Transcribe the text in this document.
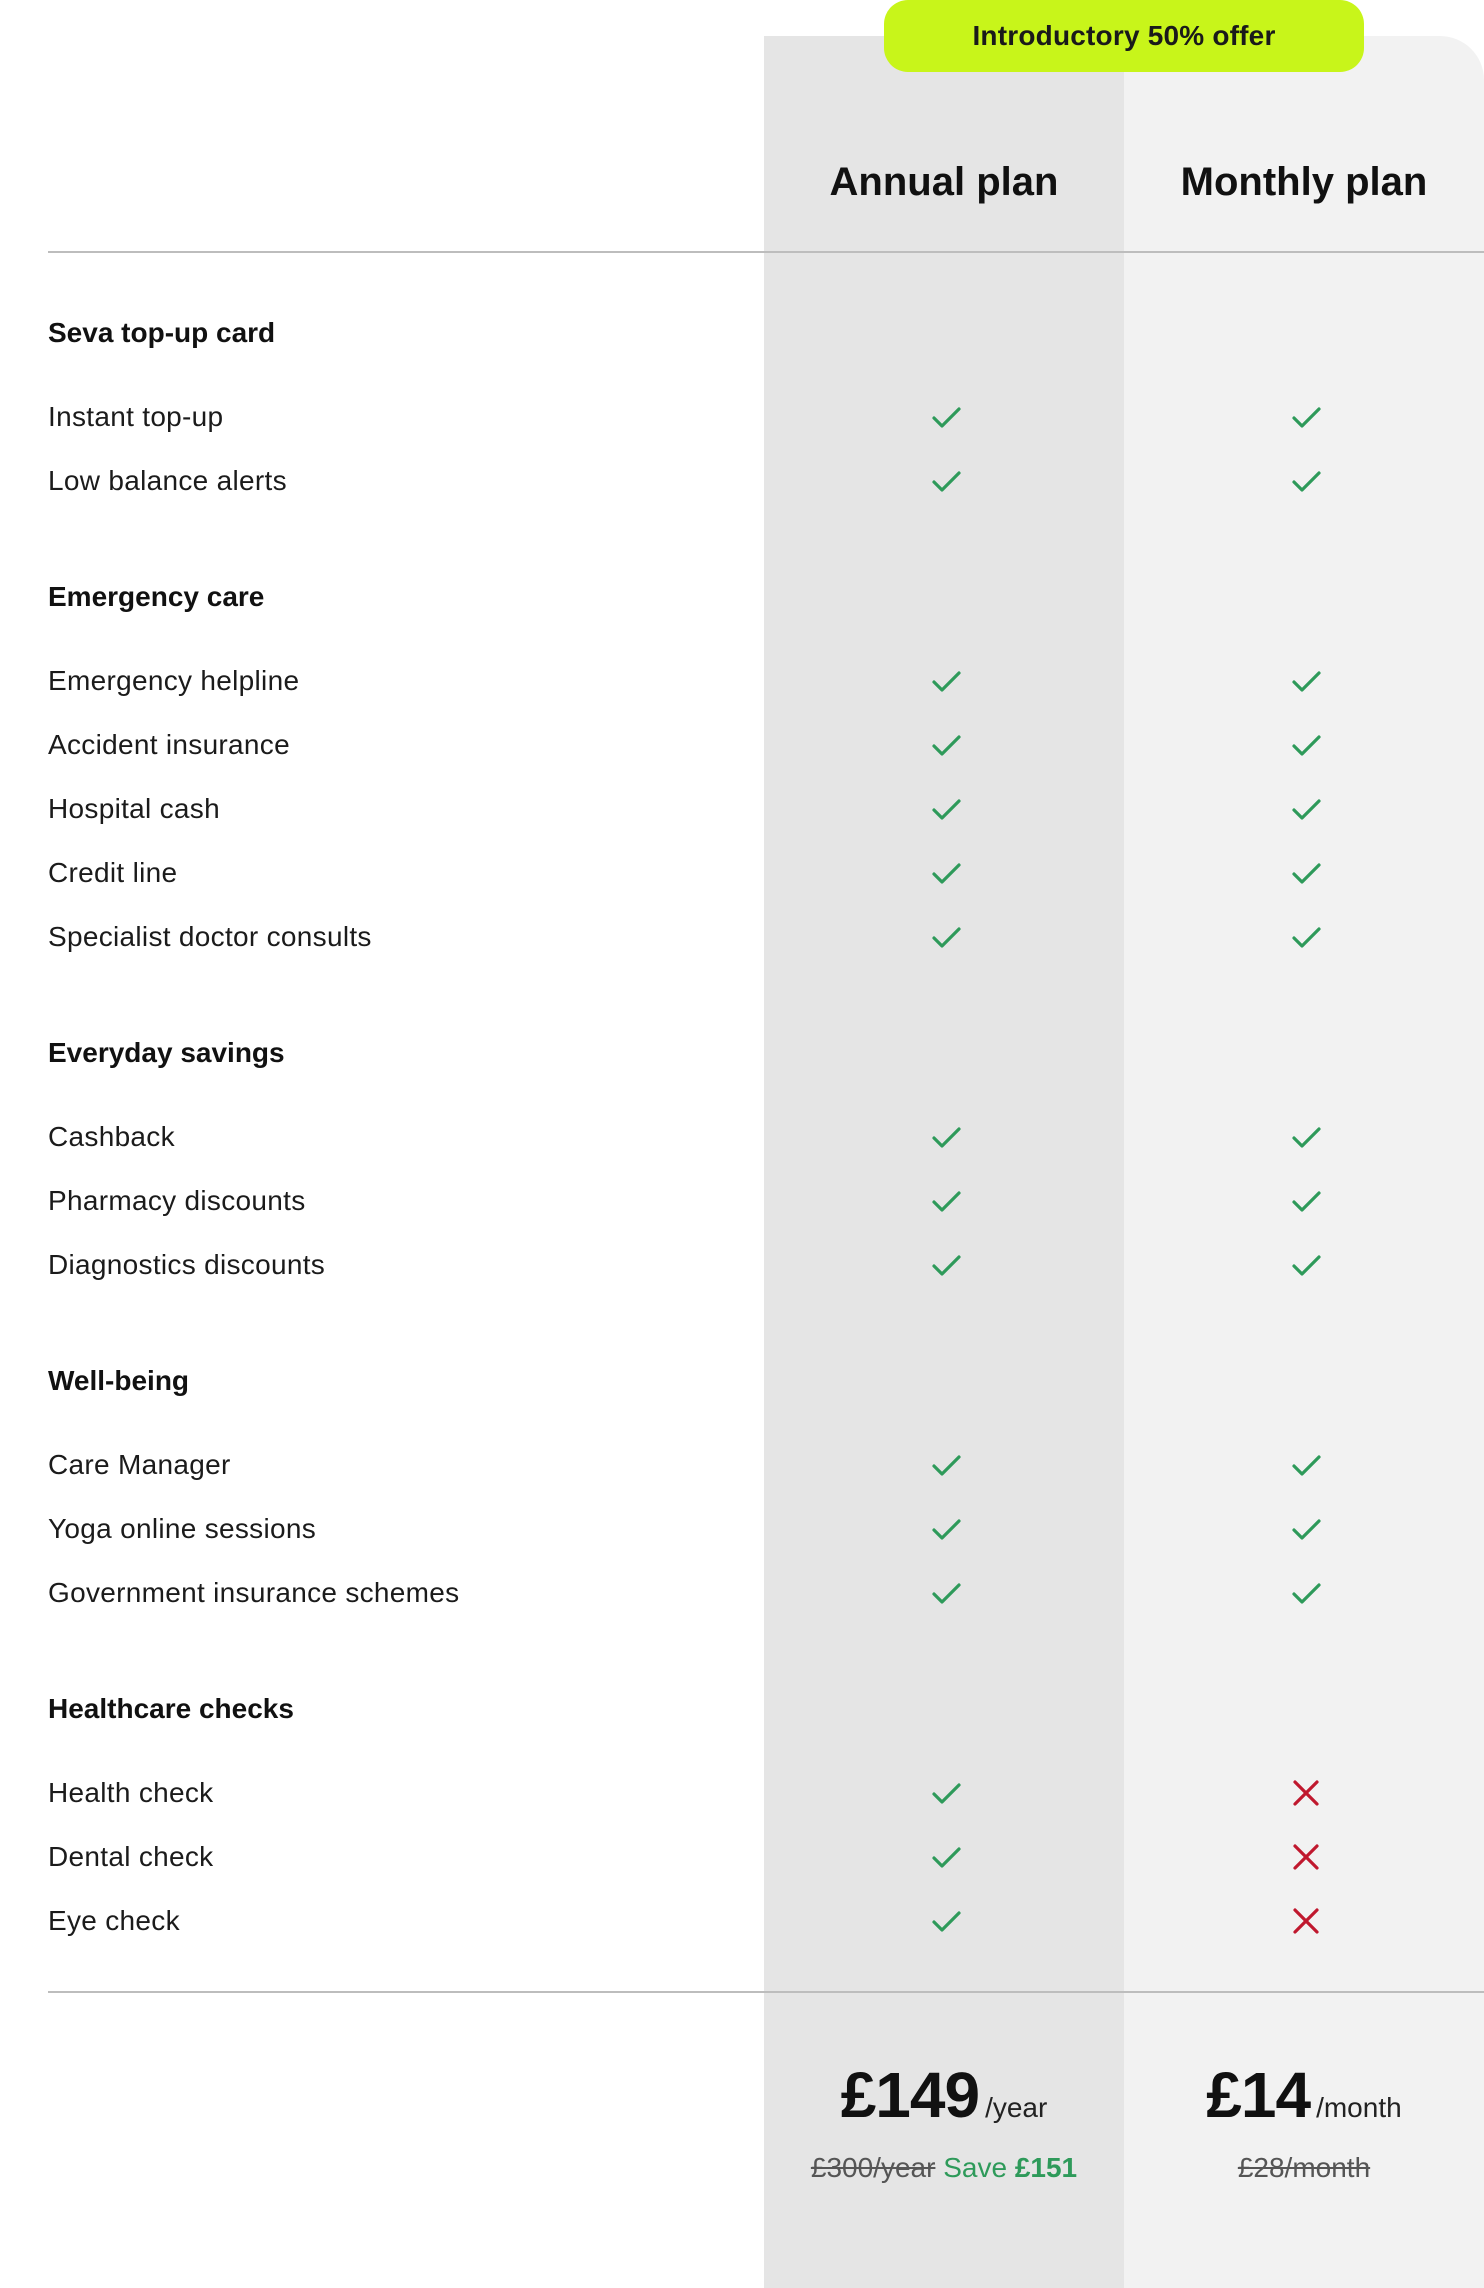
Introductory 50% offer
Annual plan	Monthly plan
Seva top-up card
Instant top-up
Low balance alerts
Emergency care
Emergency helpline
Accident insurance
Hospital cash
Credit line
Specialist doctor consults
Everyday savings
Cashback
Pharmacy discounts
Diagnostics discounts
Well-being
Care Manager
Yoga online sessions
Government insurance schemes
Healthcare checks
Health check
Dental check
Eye check
£149 /year
£300/year Save £151
£14 /month
£28/month
